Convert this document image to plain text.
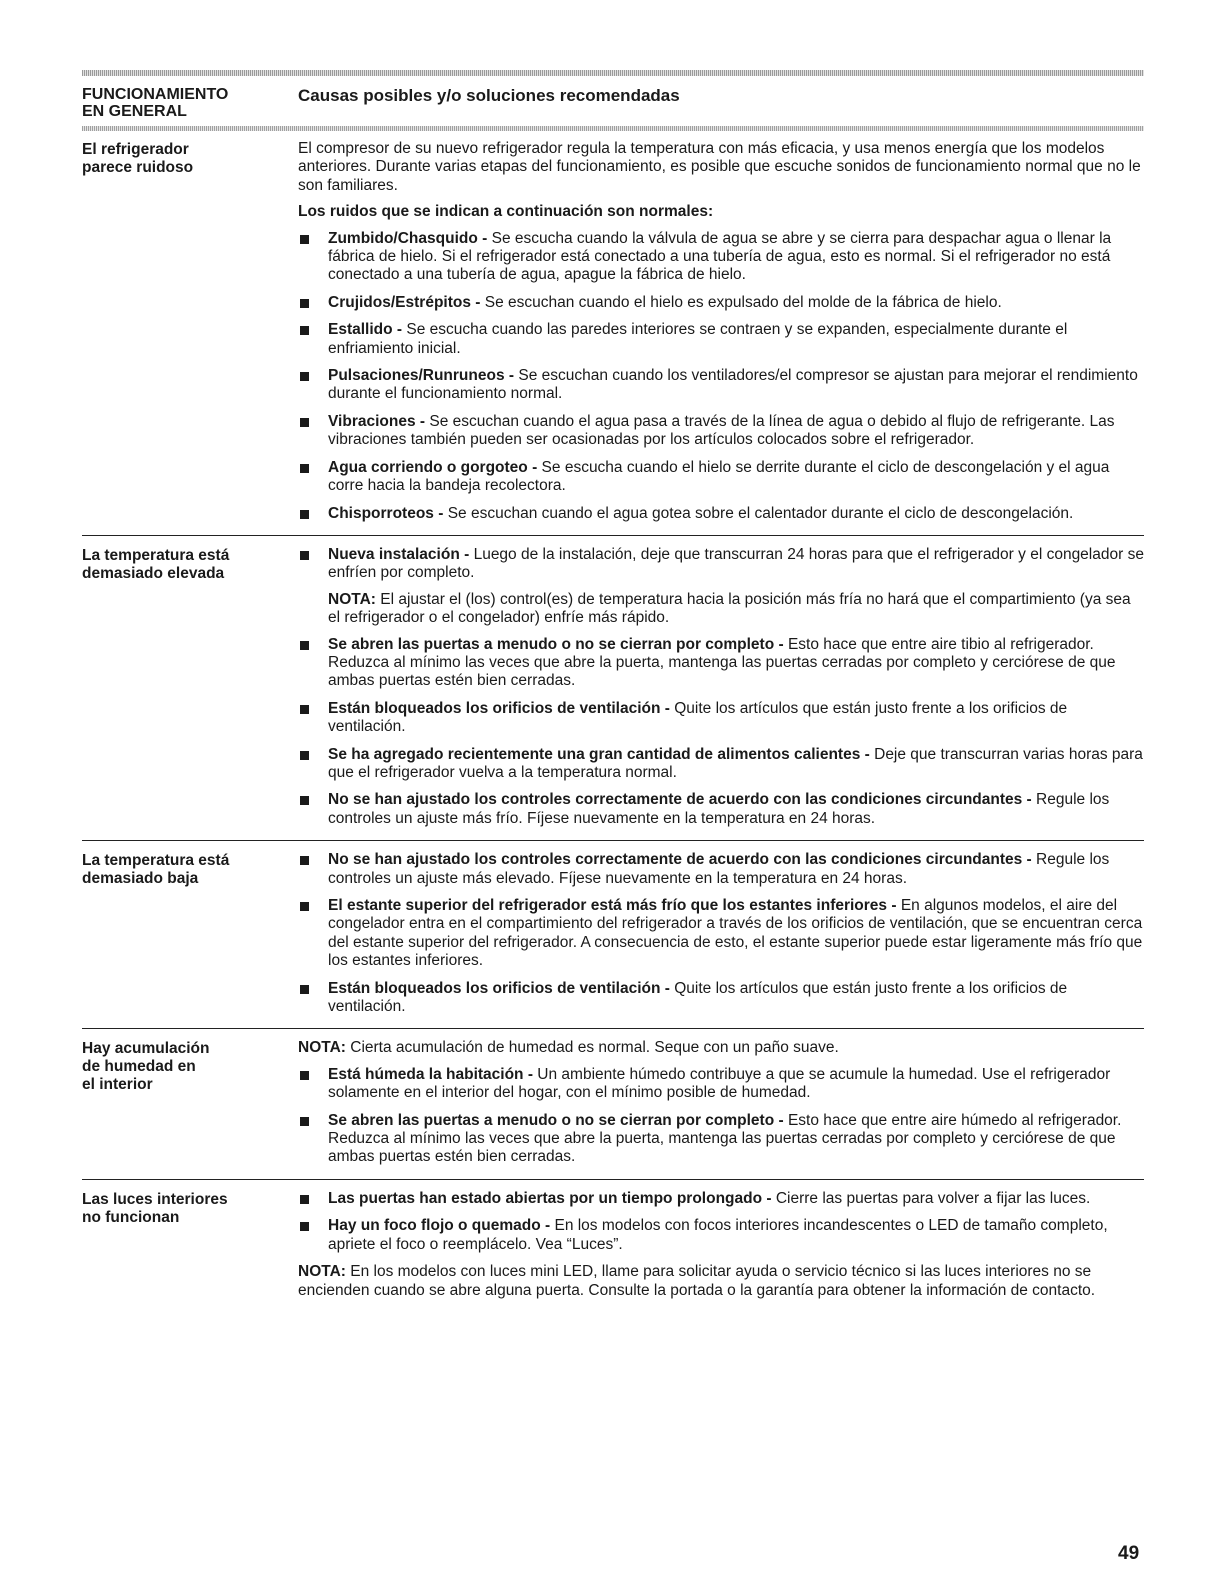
FUNCIONAMIENTO
EN GENERAL
Causas posibles y/o soluciones recomendadas
El refrigerador
parece ruidoso

El compresor de su nuevo refrigerador regula la temperatura con más eficacia, y usa menos energía que los modelos anteriores. Durante varias etapas del funcionamiento, es posible que escuche sonidos de funcionamiento normal que no le son familiares.

Los ruidos que se indican a continuación son normales:

Zumbido/Chasquido - Se escucha cuando la válvula de agua se abre y se cierra para despachar agua o llenar la fábrica de hielo. Si el refrigerador está conectado a una tubería de agua, esto es normal. Si el refrigerador no está conectado a una tubería de agua, apague la fábrica de hielo.
Crujidos/Estrépitos - Se escuchan cuando el hielo es expulsado del molde de la fábrica de hielo.
Estallido - Se escucha cuando las paredes interiores se contraen y se expanden, especialmente durante el enfriamiento inicial.
Pulsaciones/Runruneos - Se escuchan cuando los ventiladores/el compresor se ajustan para mejorar el rendimiento durante el funcionamiento normal.
Vibraciones - Se escuchan cuando el agua pasa a través de la línea de agua o debido al flujo de refrigerante. Las vibraciones también pueden ser ocasionadas por los artículos colocados sobre el refrigerador.
Agua corriendo o gorgoteo - Se escucha cuando el hielo se derrite durante el ciclo de descongelación y el agua corre hacia la bandeja recolectora.
Chisporroteos - Se escuchan cuando el agua gotea sobre el calentador durante el ciclo de descongelación.
La temperatura está
demasiado elevada
Nueva instalación - Luego de la instalación, deje que transcurran 24 horas para que el refrigerador y el congelador se enfríen por completo.

NOTA: El ajustar el (los) control(es) de temperatura hacia la posición más fría no hará que el compartimiento (ya sea el refrigerador o el congelador) enfríe más rápido.

Se abren las puertas a menudo o no se cierran por completo - Esto hace que entre aire tibio al refrigerador. Reduzca al mínimo las veces que abre la puerta, mantenga las puertas cerradas por completo y cerciórese de que ambas puertas estén bien cerradas.
Están bloqueados los orificios de ventilación - Quite los artículos que están justo frente a los orificios de ventilación.
Se ha agregado recientemente una gran cantidad de alimentos calientes - Deje que transcurran varias horas para que el refrigerador vuelva a la temperatura normal.
No se han ajustado los controles correctamente de acuerdo con las condiciones circundantes - Regule los controles un ajuste más frío. Fíjese nuevamente en la temperatura en 24 horas.
La temperatura está
demasiado baja
No se han ajustado los controles correctamente de acuerdo con las condiciones circundantes - Regule los controles un ajuste más elevado. Fíjese nuevamente en la temperatura en 24 horas.
El estante superior del refrigerador está más frío que los estantes inferiores - En algunos modelos, el aire del congelador entra en el compartimiento del refrigerador a través de los orificios de ventilación, que se encuentran cerca del estante superior del refrigerador. A consecuencia de esto, el estante superior puede estar ligeramente más frío que los estantes inferiores.
Están bloqueados los orificios de ventilación - Quite los artículos que están justo frente a los orificios de ventilación.
Hay acumulación
de humedad en
el interior

NOTA: Cierta acumulación de humedad es normal. Seque con un paño suave.

Está húmeda la habitación - Un ambiente húmedo contribuye a que se acumule la humedad. Use el refrigerador solamente en el interior del hogar, con el mínimo posible de humedad.
Se abren las puertas a menudo o no se cierran por completo - Esto hace que entre aire húmedo al refrigerador. Reduzca al mínimo las veces que abre la puerta, mantenga las puertas cerradas por completo y cerciórese de que ambas puertas estén bien cerradas.
Las luces interiores
no funcionan
Las puertas han estado abiertas por un tiempo prolongado - Cierre las puertas para volver a fijar las luces.
Hay un foco flojo o quemado - En los modelos con focos interiores incandescentes o LED de tamaño completo, apriete el foco o reemplácelo. Vea “Luces”.

NOTA: En los modelos con luces mini LED, llame para solicitar ayuda o servicio técnico si las luces interiores no se encienden cuando se abre alguna puerta. Consulte la portada o la garantía para obtener la información de contacto.

49
